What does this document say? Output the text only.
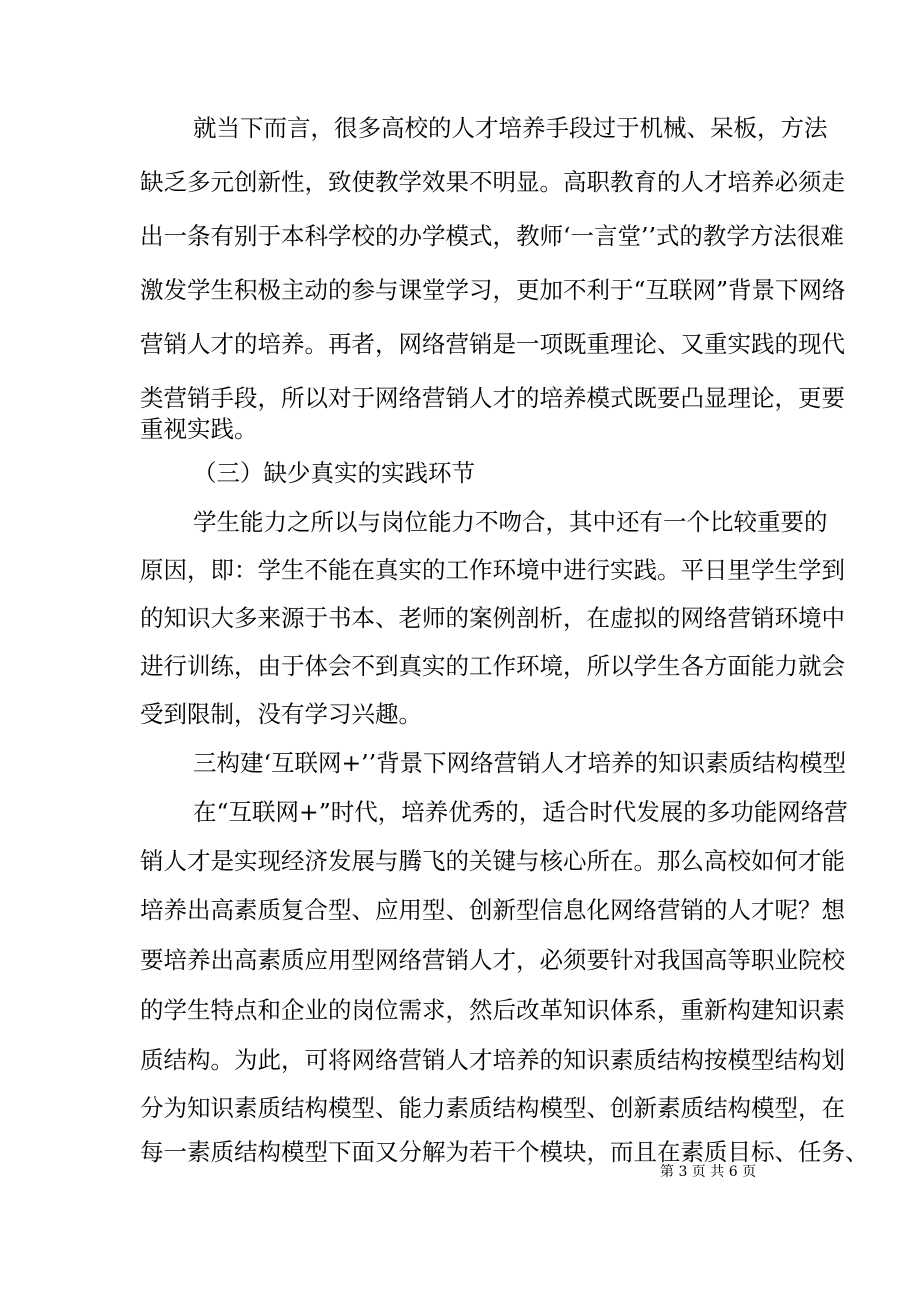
就当下而言，很多高校的人才培养手段过于机械、呆板，方法
缺乏多元创新性，致使教学效果不明显。高职教育的人才培养必须走
出一条有别于本科学校的办学模式，教师‘一言堂’’式的教学方法很难
激发学生积极主动的参与课堂学习，更加不利于“互联网”背景下网络
营销人才的培养。再者，网络营销是一项既重理论、又重实践的现代
类营销手段，所以对于网络营销人才的培养模式既要凸显理论，更要
重视实践。
（三）缺少真实的实践环节
学生能力之所以与岗位能力不吻合，其中还有一个比较重要的
原因，即：学生不能在真实的工作环境中进行实践。平日里学生学到
的知识大多来源于书本、老师的案例剖析，在虚拟的网络营销环境中
进行训练，由于体会不到真实的工作环境，所以学生各方面能力就会
受到限制，没有学习兴趣。
三构建‘互联网+’’背景下网络营销人才培养的知识素质结构模型
在“互联网+”时代，培养优秀的，适合时代发展的多功能网络营
销人才是实现经济发展与腾飞的关键与核心所在。那么高校如何才能
培养出高素质复合型、应用型、创新型信息化网络营销的人才呢？想
要培养出高素质应用型网络营销人才，必须要针对我国高等职业院校
的学生特点和企业的岗位需求，然后改革知识体系，重新构建知识素
质结构。为此，可将网络营销人才培养的知识素质结构按模型结构划
分为知识素质结构模型、能力素质结构模型、创新素质结构模型，在
每一素质结构模型下面又分解为若干个模块，而且在素质目标、任务、
第 3 页 共 6 页
